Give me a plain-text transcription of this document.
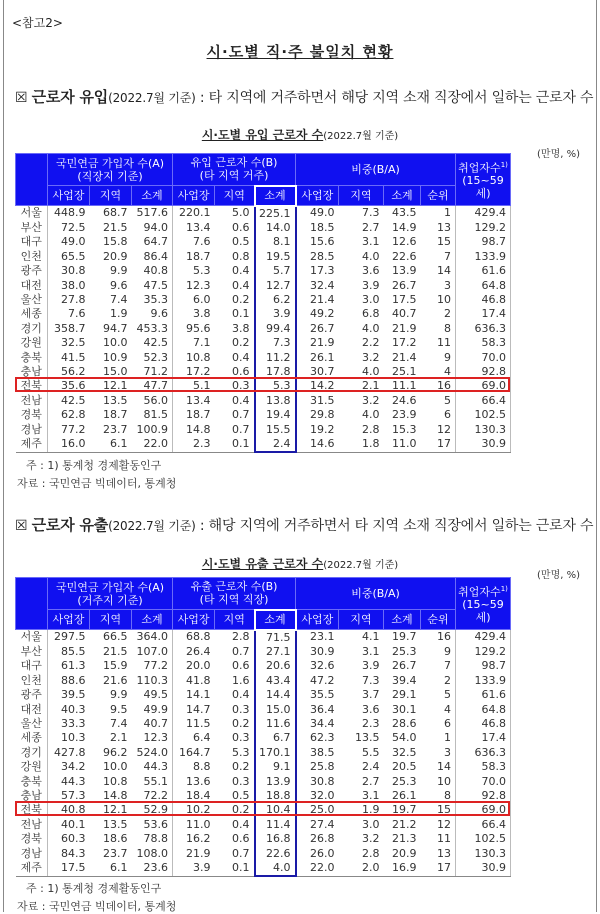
<참고2>
시·도별 직·주 불일치 현황
☒ 근로자 유입(2022.7월 기준) : 타 지역에 거주하면서 해당 지역 소재 직장에서 일하는 근로자 수
시·도별 유입 근로자 수(2022.7월 기준)
(만명, %)
	국민연금 가입자 수(A)
(직장지 기준)			유입 근로자 수(B)
(타 지역 거주)			비중(B/A)				취업자수$^{1)}$
(15~59세)
	사업장	지역	소계	사업장	지역	소계	사업장	지역	소계	순위	
서울	448.9	68.7	517.6	220.1	5.0	225.1	49.0	7.3	43.5	1	429.4
부산	72.5	21.5	94.0	13.4	0.6	14.0	18.5	2.7	14.9	13	129.2
대구	49.0	15.8	64.7	7.6	0.5	8.1	15.6	3.1	12.6	15	98.7
인천	65.5	20.9	86.4	18.7	0.8	19.5	28.5	4.0	22.6	7	133.9
광주	30.8	9.9	40.8	5.3	0.4	5.7	17.3	3.6	13.9	14	61.6
대전	38.0	9.6	47.5	12.3	0.4	12.7	32.4	3.9	26.7	3	64.8
울산	27.8	7.4	35.3	6.0	0.2	6.2	21.4	3.0	17.5	10	46.8
세종	7.6	1.9	9.6	3.8	0.1	3.9	49.2	6.8	40.7	2	17.4
경기	358.7	94.7	453.3	95.6	3.8	99.4	26.7	4.0	21.9	8	636.3
강원	32.5	10.0	42.5	7.1	0.2	7.3	21.9	2.2	17.2	11	58.3
충북	41.5	10.9	52.3	10.8	0.4	11.2	26.1	3.2	21.4	9	70.0
충남	56.2	15.0	71.2	17.2	0.6	17.8	30.7	4.0	25.1	4	92.8
전북	35.6	12.1	47.7	5.1	0.3	5.3	14.2	2.1	11.1	16	69.0
전남	42.5	13.5	56.0	13.4	0.4	13.8	31.5	3.2	24.6	5	66.4
경북	62.8	18.7	81.5	18.7	0.7	19.4	29.8	4.0	23.9	6	102.5
경남	77.2	23.7	100.9	14.8	0.7	15.5	19.2	2.8	15.3	12	130.3
제주	16.0	6.1	22.0	2.3	0.1	2.4	14.6	1.8	11.0	17	30.9
주 : 1) 통계청 경제활동인구
자료 : 국민연금 빅데이터, 통계청
☒ 근로자 유출(2022.7월 기준) : 해당 지역에 거주하면서 타 지역 소재 직장에서 일하는 근로자 수
시·도별 유출 근로자 수(2022.7월 기준)
(만명, %)
	국민연금 가입자 수(A)
(거주지 기준)			유출 근로자 수(B)
(타 지역 직장)			비중(B/A)				취업자수$^{1)}$
(15~59세)
	사업장	지역	소계	사업장	지역	소계	사업장	지역	소계	순위	
서울	297.5	66.5	364.0	68.8	2.8	71.5	23.1	4.1	19.7	16	429.4
부산	85.5	21.5	107.0	26.4	0.7	27.1	30.9	3.1	25.3	9	129.2
대구	61.3	15.9	77.2	20.0	0.6	20.6	32.6	3.9	26.7	7	98.7
인천	88.6	21.6	110.3	41.8	1.6	43.4	47.2	7.3	39.4	2	133.9
광주	39.5	9.9	49.5	14.1	0.4	14.4	35.5	3.7	29.1	5	61.6
대전	40.3	9.5	49.9	14.7	0.3	15.0	36.4	3.6	30.1	4	64.8
울산	33.3	7.4	40.7	11.5	0.2	11.6	34.4	2.3	28.6	6	46.8
세종	10.3	2.1	12.3	6.4	0.3	6.7	62.3	13.5	54.0	1	17.4
경기	427.8	96.2	524.0	164.7	5.3	170.1	38.5	5.5	32.5	3	636.3
강원	34.2	10.0	44.3	8.8	0.2	9.1	25.8	2.4	20.5	14	58.3
충북	44.3	10.8	55.1	13.6	0.3	13.9	30.8	2.7	25.3	10	70.0
충남	57.3	14.8	72.2	18.4	0.5	18.8	32.0	3.1	26.1	8	92.8
전북	40.8	12.1	52.9	10.2	0.2	10.4	25.0	1.9	19.7	15	69.0
전남	40.1	13.5	53.6	11.0	0.4	11.4	27.4	3.0	21.2	12	66.4
경북	60.3	18.6	78.8	16.2	0.6	16.8	26.8	3.2	21.3	11	102.5
경남	84.3	23.7	108.0	21.9	0.7	22.6	26.0	2.8	20.9	13	130.3
제주	17.5	6.1	23.6	3.9	0.1	4.0	22.0	2.0	16.9	17	30.9
주 : 1) 통계청 경제활동인구
자료 : 국민연금 빅데이터, 통계청
